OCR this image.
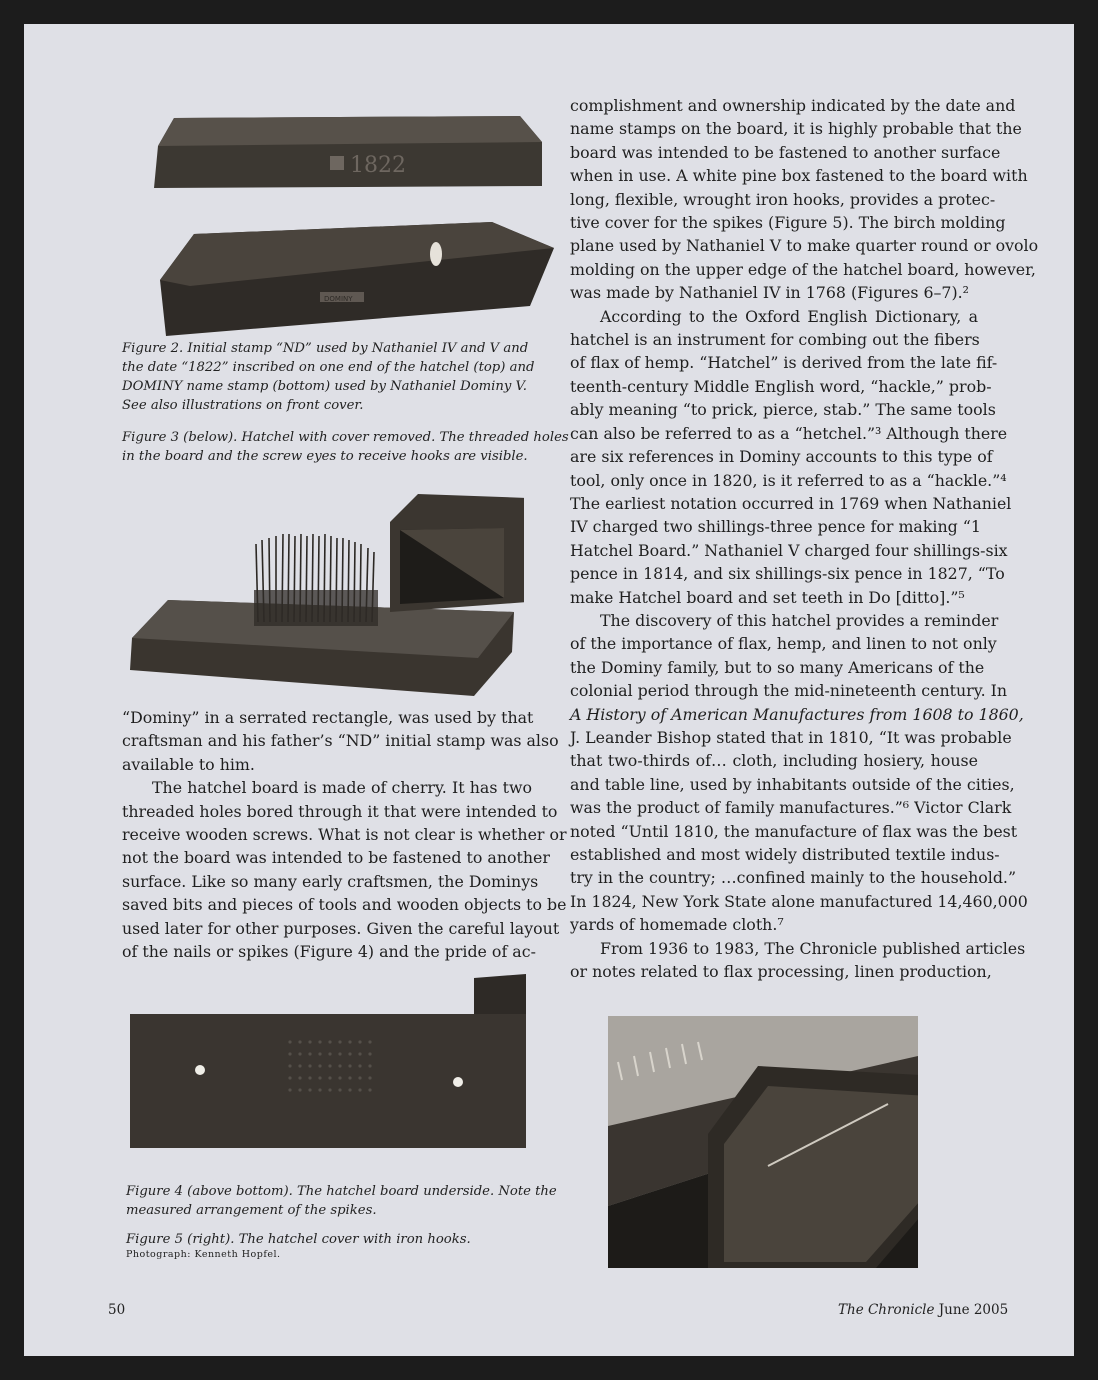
1822
DOMINY
Figure 2. Initial stamp “ND” used by Nathaniel IV and V and
the date “1822” inscribed on one end of the hatchel (top) and
DOMINY name stamp (bottom) used by Nathaniel Dominy V.
See also illustrations on front cover.
Figure 3 (below). Hatchel with cover removed. The threaded holes
in the board and the screw eyes to receive hooks are visible.
“Dominy” in a serrated rectangle, was used by that
craftsman and his father’s “ND” initial stamp was also
available to him.
The hatchel board is made of cherry. It has two
threaded holes bored through it that were intended to
receive wooden screws. What is not clear is whether or
not the board was intended to be fastened to another
surface. Like so many early craftsmen, the Dominys
saved bits and pieces of tools and wooden objects to be
used later for other purposes. Given the careful layout
of the nails or spikes (Figure 4) and the pride of ac-
Figure 4 (above bottom). The hatchel board underside. Note the
measured arrangement of the spikes.
Figure 5 (right). The hatchel cover with iron hooks.
Photograph: Kenneth Hopfel.
complishment and ownership indicated by the date and
name stamps on the board, it is highly probable that the
board was intended to be fastened to another surface
when in use. A white pine box fastened to the board with
long, flexible, wrought iron hooks, provides a protec-
tive cover for the spikes (Figure 5). The birch molding
plane used by Nathaniel V to make quarter round or ovolo
molding on the upper edge of the hatchel board, however,
was made by Nathaniel IV in 1768 (Figures 6–7).²
According to the Oxford English Dictionary, a
hatchel is an instrument for combing out the fibers
of flax of hemp. “Hatchel” is derived from the late fif-
teenth-century Middle English word, “hackle,” prob-
ably meaning “to prick, pierce, stab.” The same tools
can also be referred to as a “hetchel.”³ Although there
are six references in Dominy accounts to this type of
tool, only once in 1820, is it referred to as a “hackle.”⁴
The earliest notation occurred in 1769 when Nathaniel
IV charged two shillings-three pence for making “1
Hatchel Board.” Nathaniel V charged four shillings-six
pence in 1814, and six shillings-six pence in 1827, “To
make Hatchel board and set teeth in Do [ditto].”⁵
The discovery of this hatchel provides a reminder
of the importance of flax, hemp, and linen to not only
the Dominy family, but to so many Americans of the
colonial period through the mid-nineteenth century. In
A History of American Manufactures from 1608 to 1860,
J. Leander Bishop stated that in 1810, “It was probable
that two-thirds of… cloth, including hosiery, house
and table line, used by inhabitants outside of the cities,
was the product of family manufactures.”⁶ Victor Clark
noted “Until 1810, the manufacture of flax was the best
established and most widely distributed textile indus-
try in the country; …confined mainly to the household.”
In 1824, New York State alone manufactured 14,460,000
yards of homemade cloth.⁷
From 1936 to 1983, The Chronicle published articles
or notes related to flax processing, linen production,
50	The Chronicle June 2005
